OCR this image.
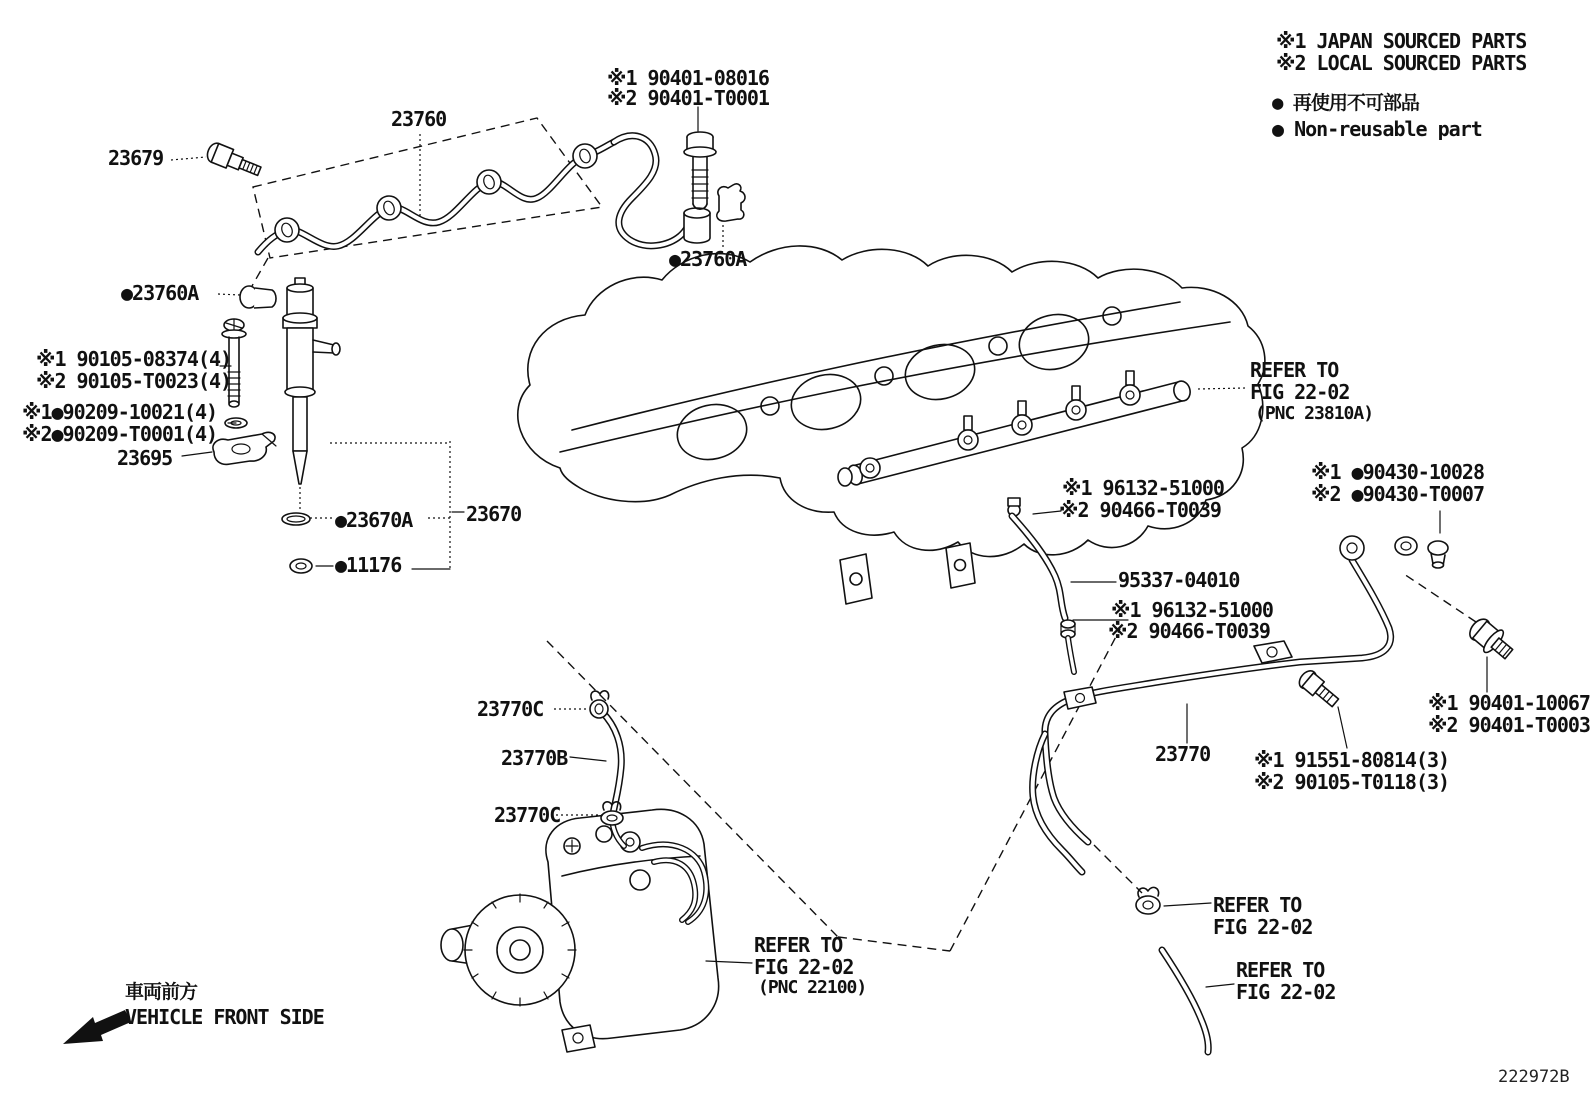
※1 JAPAN SOURCED PARTS
※2 LOCAL SOURCED PARTS
● 再使用不可部品
● Non-reusable part
※1 90401-08016
※2 90401-T0001
23760
23679
●23760A
●23760A
※1 90105-08374(4)
※2 90105-T0023(4)
※1●90209-10021(4)
※2●90209-T0001(4)
23695
●23670A	23670
●11176
REFER TO
FIG 22-02
(PNC 23810A)
※1 96132-51000
※2 90466-T0039
※1 ●90430-10028
※2 ●90430-T0007
95337-04010
※1 96132-51000
※2 90466-T0039
※1 90401-10067
※2 90401-T0003
23770 ※1 91551-80814(3)
※2 90105-T0118(3)
23770C
23770B
23770C
REFER TO
FIG 22-02
(PNC 22100)
REFER TO
FIG 22-02
REFER TO
FIG 22-02
車両前方
VEHICLE FRONT SIDE
222972B
